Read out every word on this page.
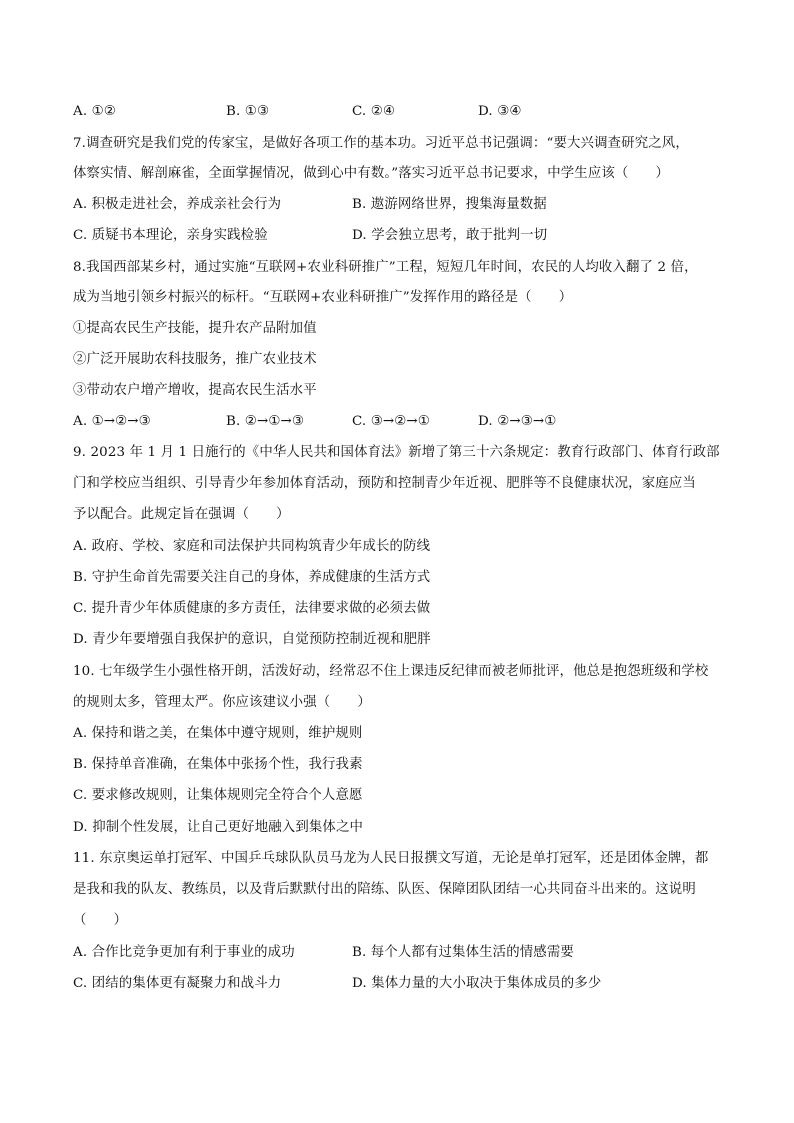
A. ①②	B. ①③	C. ②④	D. ③④
7.调查研究是我们党的传家宝，是做好各项工作的基本功。习近平总书记强调：“要大兴调查研究之风，
体察实情、解剖麻雀，全面掌握情况，做到心中有数。”落实习近平总书记要求，中学生应该（　　）
A. 积极走进社会，养成亲社会行为	B. 遨游网络世界，搜集海量数据
C. 质疑书本理论，亲身实践检验	D. 学会独立思考，敢于批判一切
8.我国西部某乡村，通过实施“互联网+农业科研推广”工程，短短几年时间，农民的人均收入翻了 2 倍，
成为当地引领乡村振兴的标杆。“互联网+农业科研推广”发挥作用的路径是（　　）
①提高农民生产技能，提升农产品附加值
②广泛开展助农科技服务，推广农业技术
③带动农户增产增收，提高农民生活水平
A. ①→②→③	B. ②→①→③	C. ③→②→①	D. ②→③→①
9. 2023 年 1 月 1 日施行的《中华人民共和国体育法》新增了第三十六条规定：教育行政部门、体育行政部
门和学校应当组织、引导青少年参加体育活动，预防和控制青少年近视、肥胖等不良健康状况，家庭应当
予以配合。此规定旨在强调（　　）
A. 政府、学校、家庭和司法保护共同构筑青少年成长的防线
B. 守护生命首先需要关注自己的身体，养成健康的生活方式
C. 提升青少年体质健康的多方责任，法律要求做的必须去做
D. 青少年要增强自我保护的意识，自觉预防控制近视和肥胖
10. 七年级学生小强性格开朗，活泼好动，经常忍不住上课违反纪律而被老师批评，他总是抱怨班级和学校
的规则太多，管理太严。你应该建议小强（　　）
A. 保持和谐之美，在集体中遵守规则，维护规则
B. 保持单音准确，在集体中张扬个性，我行我素
C. 要求修改规则，让集体规则完全符合个人意愿
D. 抑制个性发展，让自己更好地融入到集体之中
11. 东京奥运单打冠军、中国乒乓球队队员马龙为人民日报撰文写道，无论是单打冠军，还是团体金牌，都
是我和我的队友、教练员，以及背后默默付出的陪练、队医、保障团队团结一心共同奋斗出来的。这说明
（　　）
A. 合作比竞争更加有利于事业的成功	B. 每个人都有过集体生活的情感需要
C. 团结的集体更有凝聚力和战斗力	D. 集体力量的大小取决于集体成员的多少
